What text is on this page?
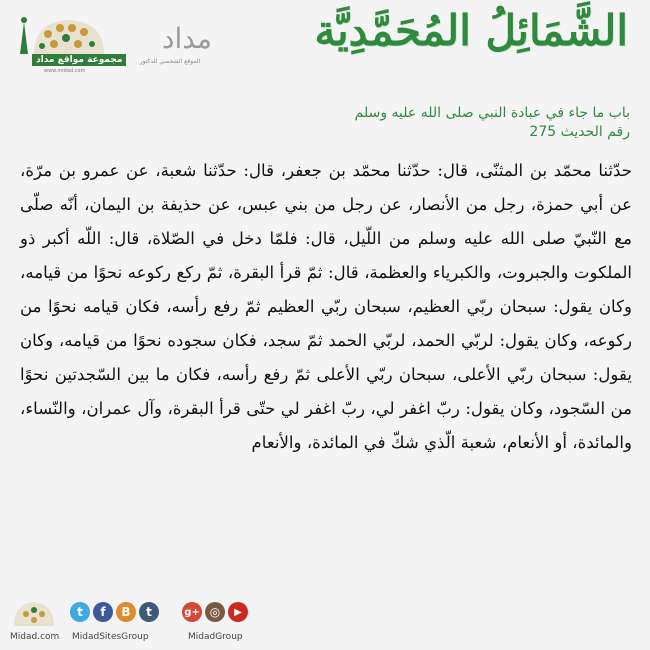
مجموعة مواقع مداد
www.midad.com
مداد
الموقع الشخصي للدكتور
الشَّمَائِلُ المُحَمَّدِيَّة
باب ما جاء في عبادة النبي صلى الله عليه وسلم
رقم الحديث 275
حدّثنا محمّد بن المثنّى، قال: حدّثنا محمّد بن جعفر، قال: حدّثنا شعبة، عن عمرو بن مرّة، عن أبي حمزة، رجل من الأنصار، عن رجل من بني عبس، عن حذيفة بن اليمان، أنّه صلّى مع النّبيّ صلى الله عليه وسلم من اللّيل، قال: فلمّا دخل في الصّلاة، قال: اللّه أكبر ذو الملكوت والجبروت، والكبرياء والعظمة، قال: ثمّ قرأ البقرة، ثمّ ركع ركوعه نحوًا من قيامه، وكان يقول: سبحان ربّي العظيم، سبحان ربّي العظيم ثمّ رفع رأسه، فكان قيامه نحوًا من ركوعه، وكان يقول: لربّي الحمد، لربّي الحمد ثمّ سجد، فكان سجوده نحوًا من قيامه، وكان يقول: سبحان ربّي الأعلى، سبحان ربّي الأعلى ثمّ رفع رأسه، فكان ما بين السّجدتين نحوًا من السّجود، وكان يقول: ربّ اغفر لي، ربّ اغفر لي حتّى قرأ البقرة، وآل عمران، والنّساء، والمائدة، أو الأنعام، شعبة الّذي شكّ في المائدة، والأنعام
Midad.com
t	f	B	t
MidadSitesGroup
g+ ◎	▶
MidadGroup
